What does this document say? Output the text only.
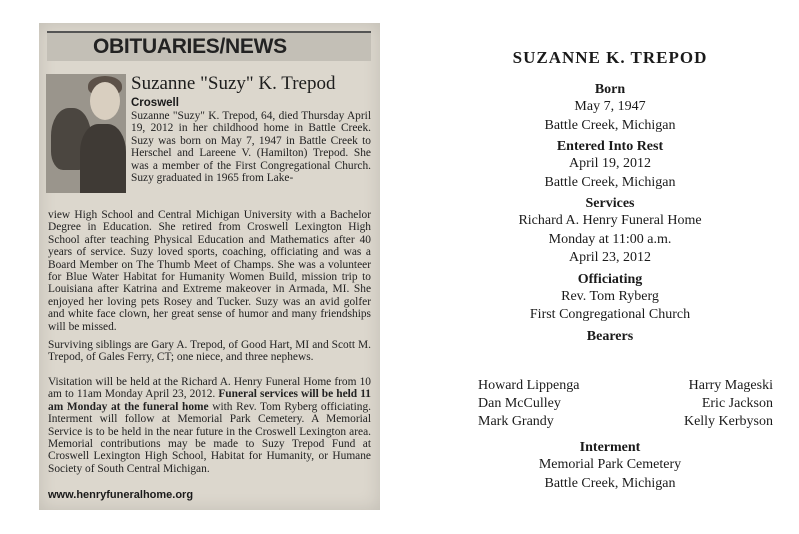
OBITUARIES/NEWS
Suzanne "Suzy" K. Trepod
Croswell
Suzanne "Suzy" K. Trepod, 64, died Thursday April 19, 2012 in her childhood home in Battle Creek. Suzy was born on May 7, 1947 in Battle Creek to Herschel and Lareene V. (Hamilton) Trepod. She was a member of the First Congregational Church. Suzy graduated in 1965 from Lake-
view High School and Central Michigan University with a Bachelor Degree in Education. She retired from Croswell Lexington High School after teaching Physical Education and Mathematics after 40 years of service. Suzy loved sports, coaching, officiating and was a Board Member on The Thumb Meet of Champs. She was a volunteer for Blue Water Habitat for Humanity Women Build, mission trip to Louisiana after Katrina and Extreme makeover in Armada, MI. She enjoyed her loving pets Rosey and Tucker. Suzy was an avid golfer and white face clown, her great sense of humor and many friendships will be missed.
Surviving siblings are Gary A. Trepod, of Good Hart, MI and Scott M. Trepod, of Gales Ferry, CT; one niece, and three nephews.
Visitation will be held at the Richard A. Henry Funeral Home from 10 am to 11am Monday April 23, 2012. Funeral services will be held 11 am Monday at the funeral home with Rev. Tom Ryberg officiating. Interment will follow at Memorial Park Cemetery. A Memorial Service is to be held in the near future in the Croswell Lexington area. Memorial contributions may be made to Suzy Trepod Fund at Croswell Lexington High School, Habitat for Humanity, or Humane Society of South Central Michigan.
www.henryfuneralhome.org

SUZANNE K. TREPOD

Born

May 7, 1947

Battle Creek, Michigan

Entered Into Rest

April 19, 2012

Battle Creek, Michigan

Services

Richard A. Henry Funeral Home

Monday at 11:00 a.m.

April 23, 2012

Officiating

Rev. Tom Ryberg

First Congregational Church

Bearers

Howard Lippenga	Harry Mageski
Dan McCulley	Eric Jackson
Mark Grandy	Kelly Kerbyson

Interment

Memorial Park Cemetery

Battle Creek, Michigan
